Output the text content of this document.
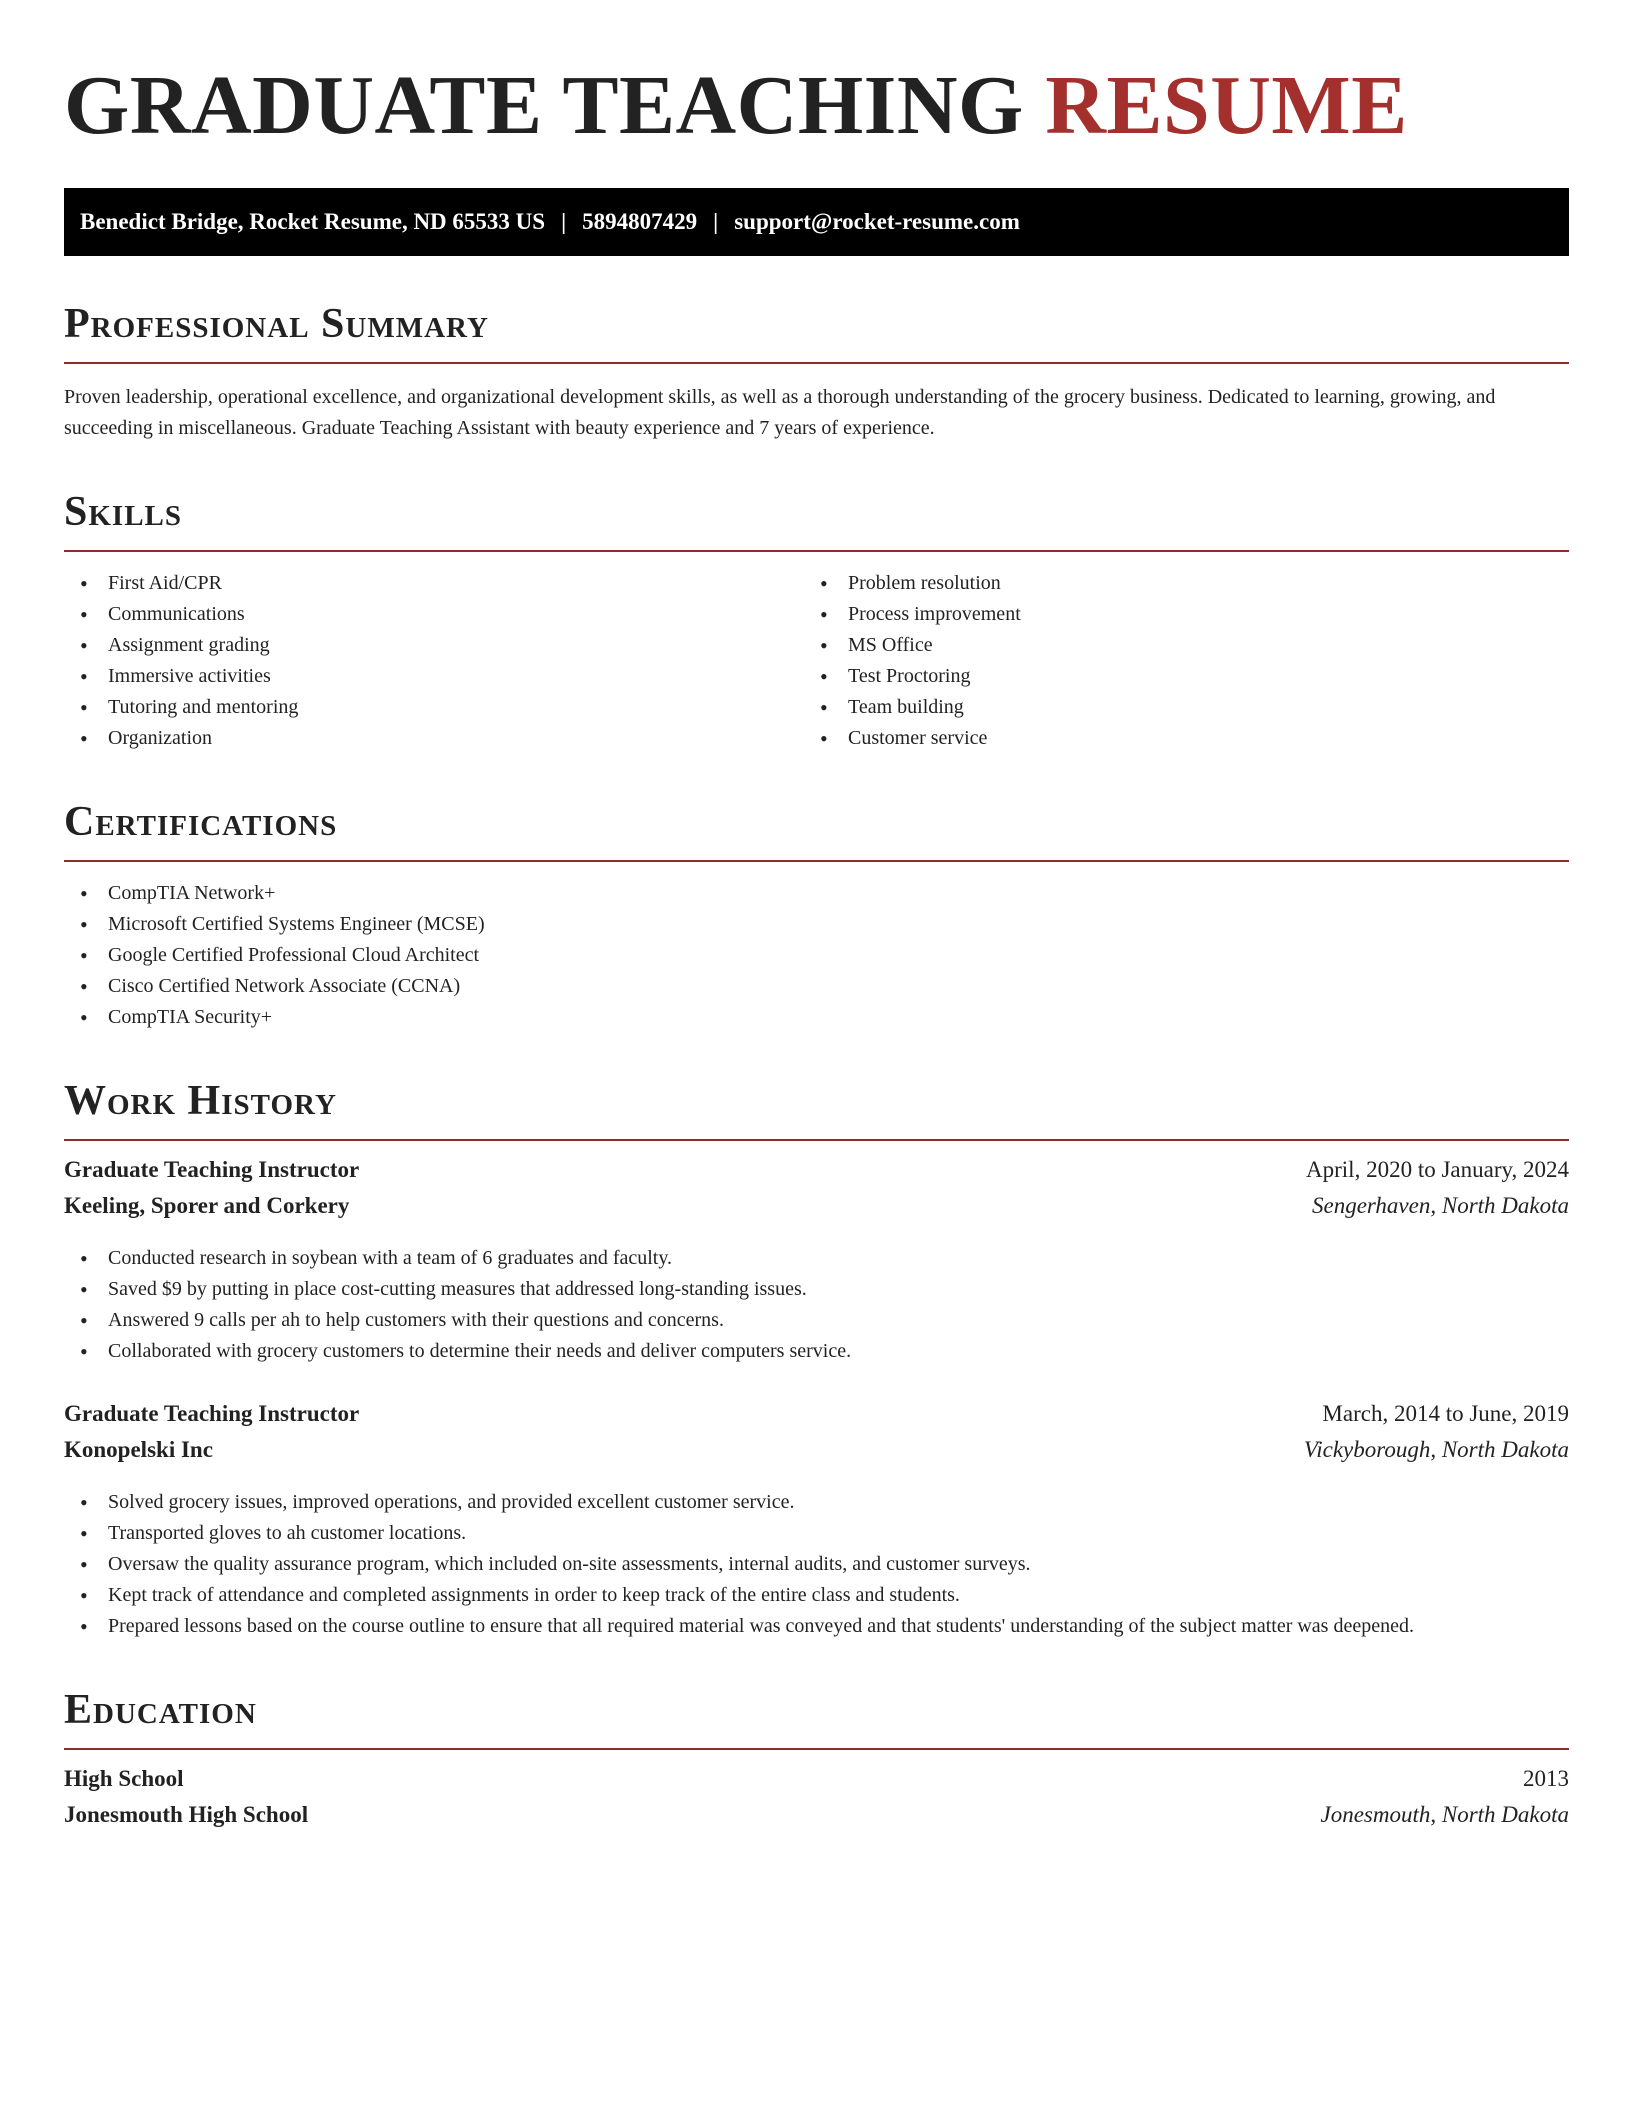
GRADUATE TEACHING RESUME
Benedict Bridge, Rocket Resume, ND 65533 US | 5894807429 | support@rocket-resume.com
Professional Summary

Proven leadership, operational excellence, and organizational development skills, as well as a thorough understanding of the grocery business. Dedicated to learning, growing, and succeeding in miscellaneous. Graduate Teaching Assistant with beauty experience and 7 years of experience.

Skills
• First Aid/CPR
• Communications
• Assignment grading
• Immersive activities
• Tutoring and mentoring
• Organization
• Problem resolution
• Process improvement
• MS Office
• Test Proctoring
• Team building
• Customer service
Certifications
• CompTIA Network+
• Microsoft Certified Systems Engineer (MCSE)
• Google Certified Professional Cloud Architect
• Cisco Certified Network Associate (CCNA)
• CompTIA Security+
Work History
Graduate Teaching Instructor	April, 2020 to January, 2024
Keeling, Sporer and Corkery	Sengerhaven, North Dakota
• Conducted research in soybean with a team of 6 graduates and faculty.
• Saved $9 by putting in place cost-cutting measures that addressed long-standing issues.
• Answered 9 calls per ah to help customers with their questions and concerns.
• Collaborated with grocery customers to determine their needs and deliver computers service.
Graduate Teaching Instructor	March, 2014 to June, 2019
Konopelski Inc	Vickyborough, North Dakota
• Solved grocery issues, improved operations, and provided excellent customer service.
• Transported gloves to ah customer locations.
• Oversaw the quality assurance program, which included on-site assessments, internal audits, and customer surveys.
• Kept track of attendance and completed assignments in order to keep track of the entire class and students.
• Prepared lessons based on the course outline to ensure that all required material was conveyed and that students' understanding of the subject matter was deepened.
Education
High School	2013
Jonesmouth High School	Jonesmouth, North Dakota
